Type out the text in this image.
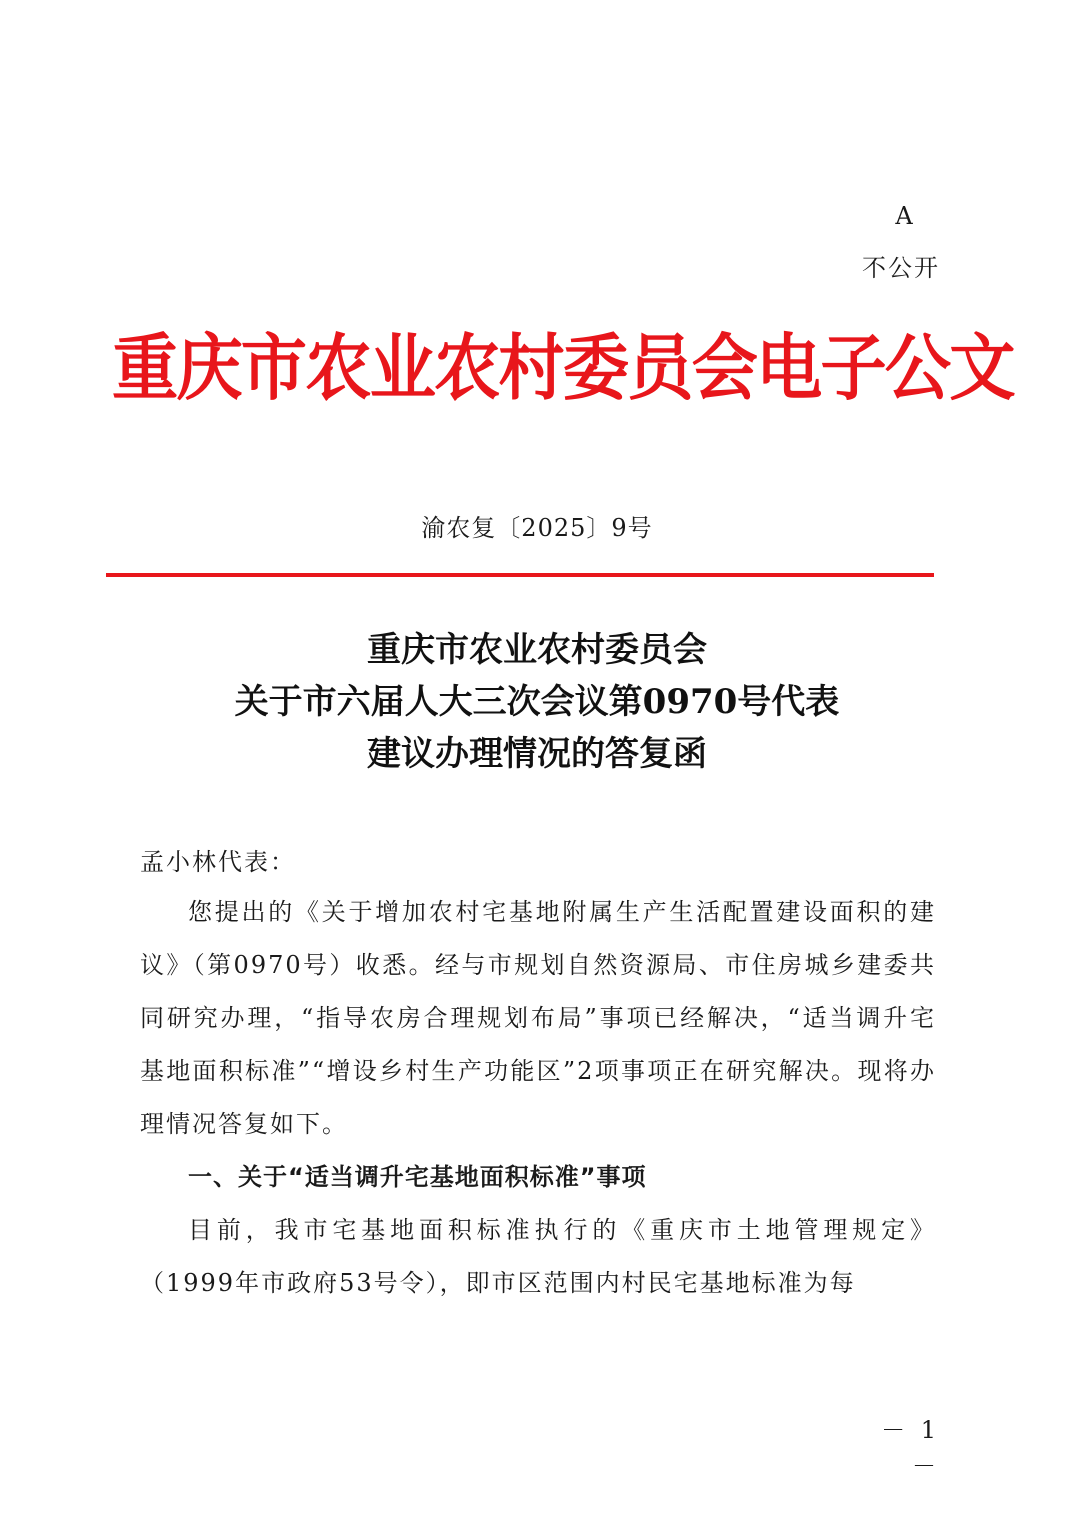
A
不公开
重庆市农业农村委员会电子公文
渝农复〔2025〕9号
重庆市农业农村委员会
关于市六届人大三次会议第0970号代表
建议办理情况的答复函
孟小林代表：

您提出的《关于增加农村宅基地附属生产生活配置建设面积的建议》（第0970号）收悉。经与市规划自然资源局、市住房城乡建委共同研究办理，“指导农房合理规划布局”事项已经解决，“适当调升宅基地面积标准”“增设乡村生产功能区”2项事项正在研究解决。现将办理情况答复如下。

一、关于“适当调升宅基地面积标准”事项

目前，我市宅基地面积标准执行的《重庆市土地管理规定》（1999年市政府53号令），即市区范围内村民宅基地标准为每

－ 1 －
